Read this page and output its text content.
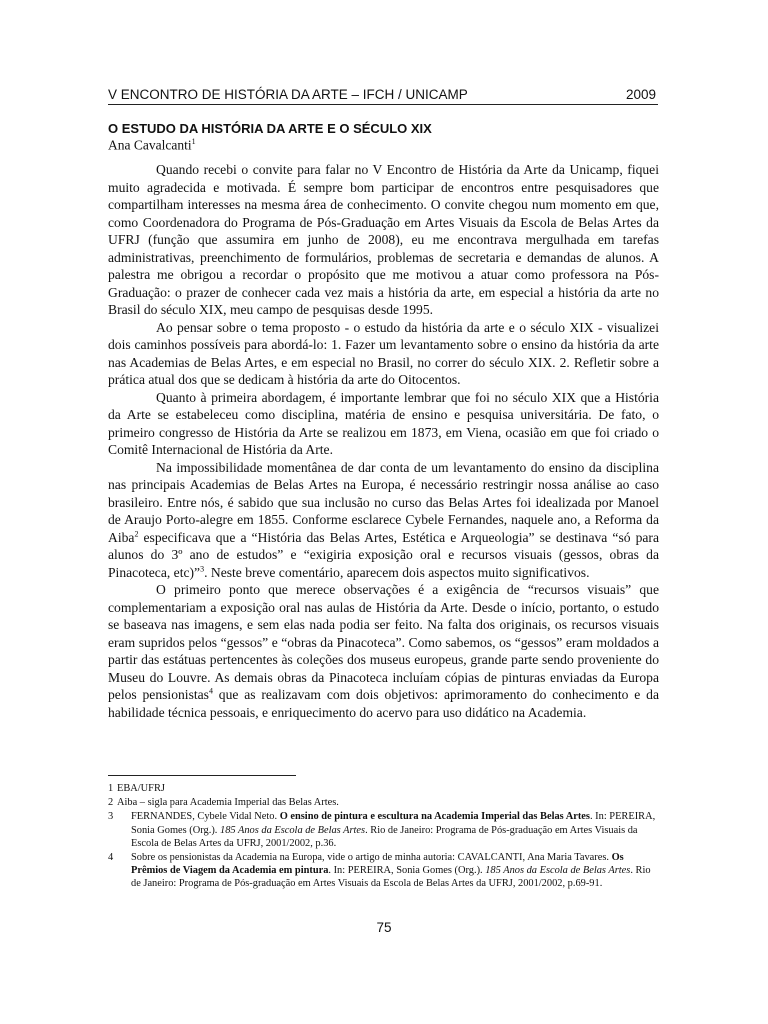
V ENCONTRO DE HISTÓRIA DA ARTE – IFCH / UNICAMP	2009
O ESTUDO DA HISTÓRIA DA ARTE E O SÉCULO XIX
Ana Cavalcanti$^1$

Quando recebi o convite para falar no V Encontro de História da Arte da Unicamp, fiquei muito agradecida e motivada. É sempre bom participar de encontros entre pesquisadores que compartilham interesses na mesma área de conhecimento. O convite chegou num momento em que, como Coordenadora do Programa de Pós-Graduação em Artes Visuais da Escola de Belas Artes da UFRJ (função que assumira em junho de 2008), eu me encontrava mergulhada em tarefas administrativas, preenchimento de formulários, problemas de secretaria e demandas de alunos. A palestra me obrigou a recordar o propósito que me motivou a atuar como professora na Pós-Graduação: o prazer de conhecer cada vez mais a história da arte, em especial a história da arte no Brasil do século XIX, meu campo de pesquisas desde 1995.

Ao pensar sobre o tema proposto - o estudo da história da arte e o século XIX - visualizei dois caminhos possíveis para abordá-lo: 1. Fazer um levantamento sobre o ensino da história da arte nas Academias de Belas Artes, e em especial no Brasil, no correr do século XIX. 2. Refletir sobre a prática atual dos que se dedicam à história da arte do Oitocentos.

Quanto à primeira abordagem, é importante lembrar que foi no século XIX que a História da Arte se estabeleceu como disciplina, matéria de ensino e pesquisa universitária. De fato, o primeiro congresso de História da Arte se realizou em 1873, em Viena, ocasião em que foi criado o Comitê Internacional de História da Arte.

Na impossibilidade momentânea de dar conta de um levantamento do ensino da disciplina nas principais Academias de Belas Artes na Europa, é necessário restringir nossa análise ao caso brasileiro. Entre nós, é sabido que sua inclusão no curso das Belas Artes foi idealizada por Manoel de Araujo Porto-alegre em 1855. Conforme esclarece Cybele Fernandes, naquele ano, a Reforma da Aiba$^2$ especificava que a “História das Belas Artes, Estética e Arqueologia” se destinava “só para alunos do 3º ano de estudos” e “exigiria exposição oral e recursos visuais (gessos, obras da Pinacoteca, etc)”$^3$. Neste breve comentário, aparecem dois aspectos muito significativos.

O primeiro ponto que merece observações é a exigência de “recursos visuais” que complementariam a exposição oral nas aulas de História da Arte. Desde o início, portanto, o estudo se baseava nas imagens, e sem elas nada podia ser feito. Na falta dos originais, os recursos visuais eram supridos pelos “gessos” e “obras da Pinacoteca”. Como sabemos, os “gessos” eram moldados a partir das estátuas pertencentes às coleções dos museus europeus, grande parte sendo proveniente do Museu do Louvre. As demais obras da Pinacoteca incluíam cópias de pinturas enviadas da Europa pelos pensionistas$^4$ que as realizavam com dois objetivos: aprimoramento do conhecimento e da habilidade técnica pessoais, e enriquecimento do acervo para uso didático na Academia.

1 EBA/UFRJ
2 Aiba – sigla para Academia Imperial das Belas Artes.
3	FERNANDES, Cybele Vidal Neto. O ensino de pintura e escultura na Academia Imperial das Belas Artes. In: PEREIRA, Sonia Gomes (Org.). 185 Anos da Escola de Belas Artes. Rio de Janeiro: Programa de Pós-graduação em Artes Visuais da Escola de Belas Artes da UFRJ, 2001/2002, p.36.
4	Sobre os pensionistas da Academia na Europa, vide o artigo de minha autoria: CAVALCANTI, Ana Maria Tavares. Os Prêmios de Viagem da Academia em pintura. In: PEREIRA, Sonia Gomes (Org.). 185 Anos da Escola de Belas Artes. Rio de Janeiro: Programa de Pós-graduação em Artes Visuais da Escola de Belas Artes da UFRJ, 2001/2002, p.69-91.
75
